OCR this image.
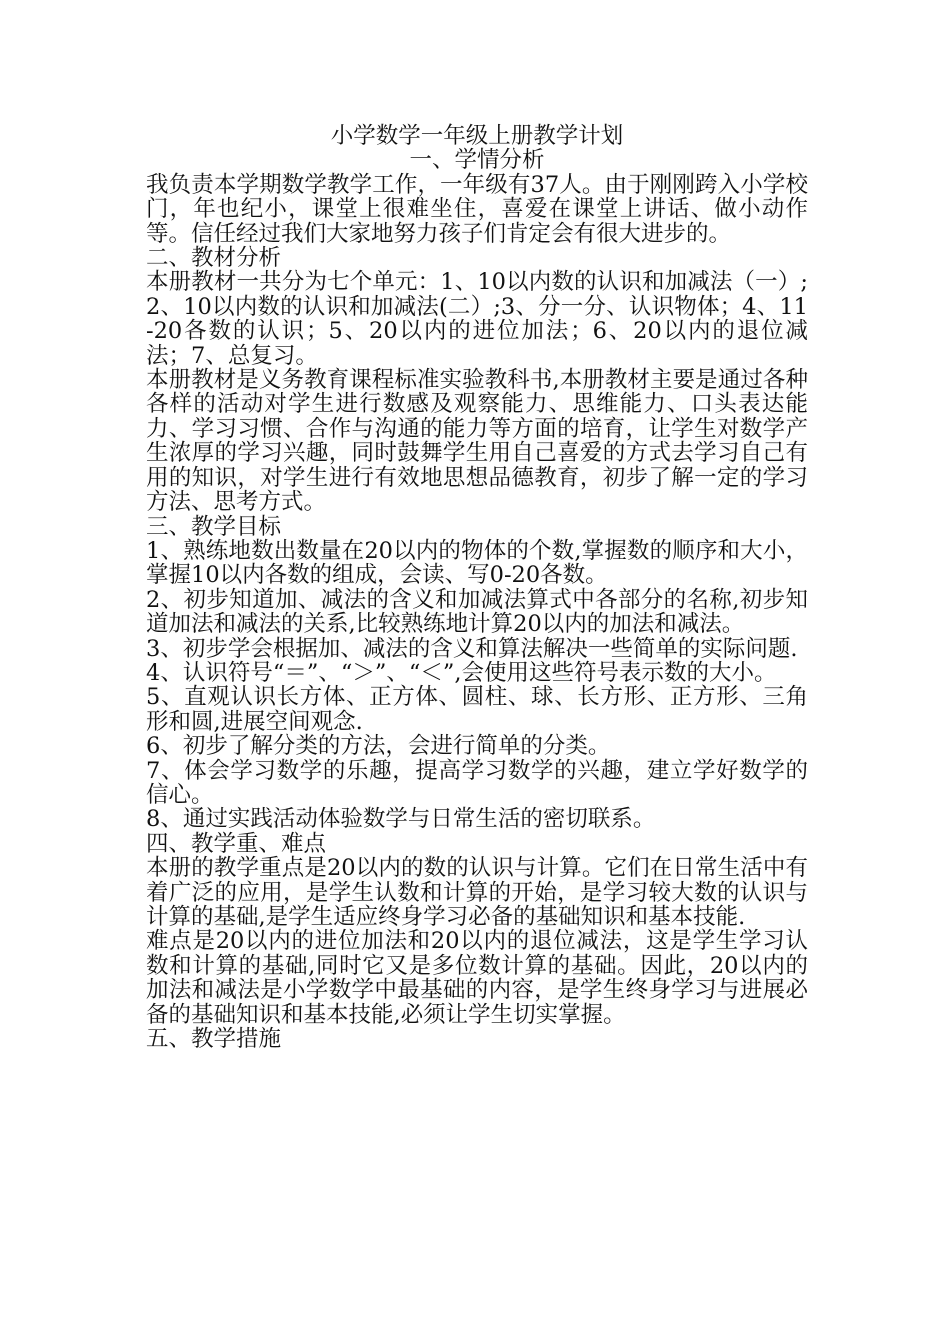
小学数学一年级上册教学计划
一、学情分析

我负责本学期数学教学工作，一年级有37人。由于刚刚跨入小学校门，年也纪小，课堂上很难坐住，喜爱在课堂上讲话、做小动作等。信任经过我们大家地努力孩子们肯定会有很大进步的。

二、教材分析

本册教材一共分为七个单元：1、10以内数的认识和加减法（一）;2、10以内数的认识和加减法(二）;3、分一分、认识物体；4、11-20各数的认识；5、20以内的进位加法；6、20以内的退位减法；7、总复习。

本册教材是义务教育课程标准实验教科书,本册教材主要是通过各种各样的活动对学生进行数感及观察能力、思维能力、口头表达能力、学习习惯、合作与沟通的能力等方面的培育，让学生对数学产生浓厚的学习兴趣，同时鼓舞学生用自己喜爱的方式去学习自己有用的知识，对学生进行有效地思想品德教育，初步了解一定的学习方法、思考方式。

三、教学目标

1、熟练地数出数量在20以内的物体的个数,掌握数的顺序和大小，掌握10以内各数的组成，会读、写0-20各数。

2、初步知道加、减法的含义和加减法算式中各部分的名称,初步知道加法和减法的关系,比较熟练地计算20以内的加法和减法。

3、初步学会根据加、减法的含义和算法解决一些简单的实际问题.

4、认识符号“＝”、“＞”、“＜”,会使用这些符号表示数的大小。

5、直观认识长方体、正方体、圆柱、球、长方形、正方形、三角形和圆,进展空间观念.

6、初步了解分类的方法，会进行简单的分类。

7、体会学习数学的乐趣，提高学习数学的兴趣，建立学好数学的信心。

8、通过实践活动体验数学与日常生活的密切联系。

四、教学重、难点

本册的教学重点是20以内的数的认识与计算。它们在日常生活中有着广泛的应用，是学生认数和计算的开始，是学习较大数的认识与计算的基础,是学生适应终身学习必备的基础知识和基本技能.

难点是20以内的进位加法和20以内的退位减法，这是学生学习认数和计算的基础,同时它又是多位数计算的基础。因此，20以内的加法和减法是小学数学中最基础的内容，是学生终身学习与进展必备的基础知识和基本技能,必须让学生切实掌握。

五、教学措施
